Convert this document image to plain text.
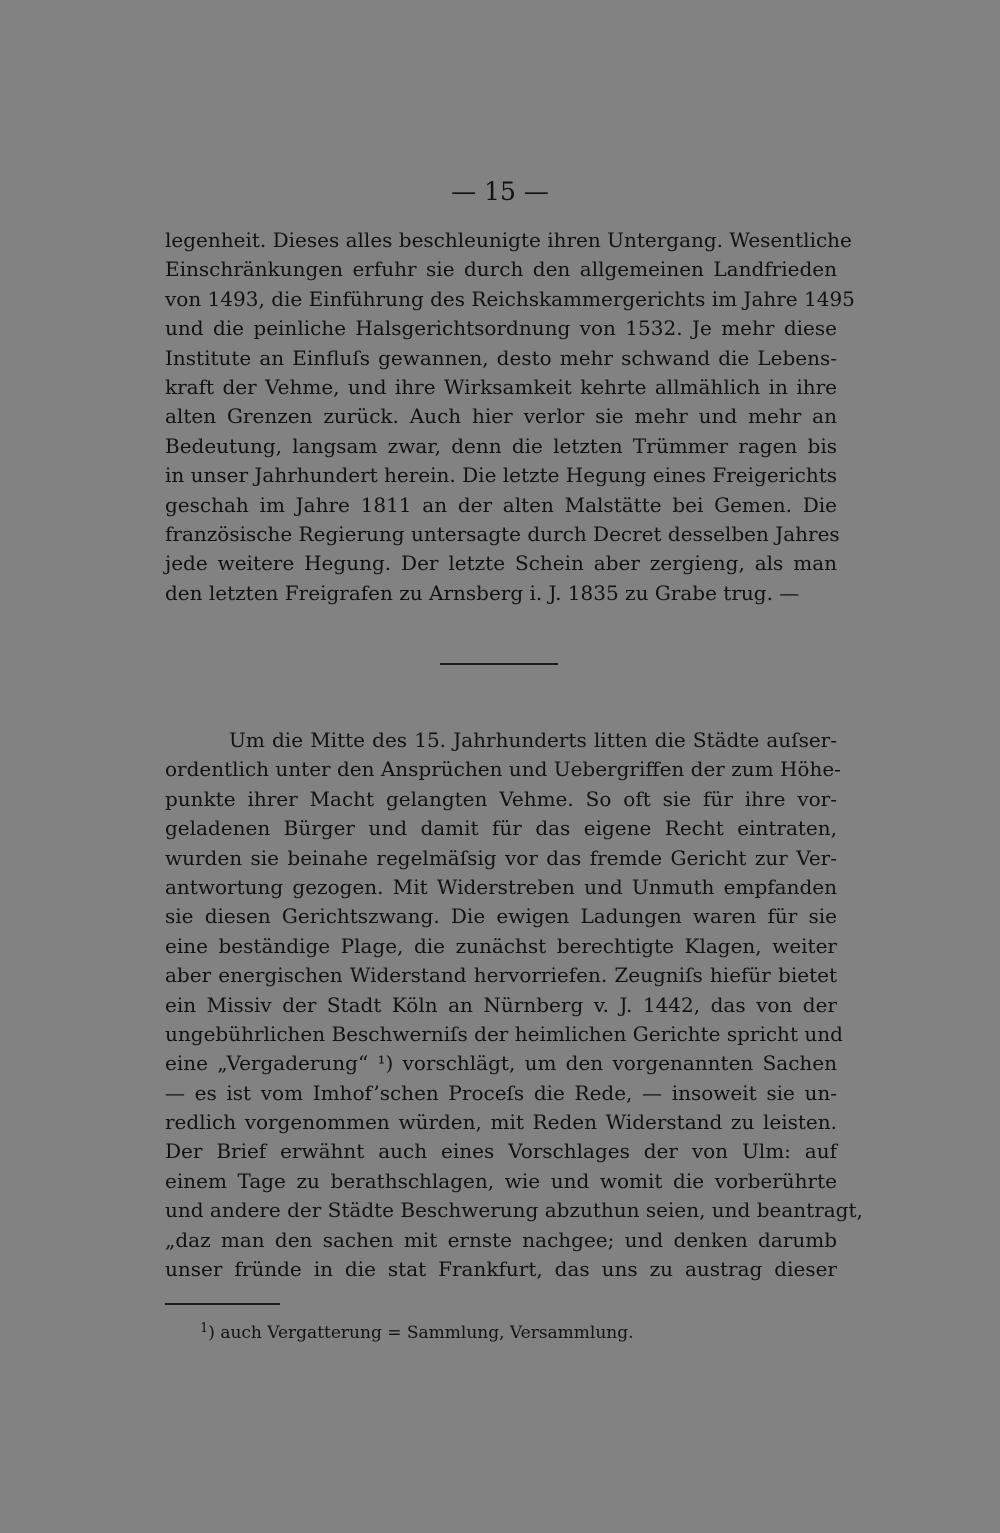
— 15 —
legenheit. Dieses alles beschleunigte ihren Untergang. Wesentliche
Einschränkungen erfuhr sie durch den allgemeinen Landfrieden
von 1493, die Einführung des Reichskammergerichts im Jahre 1495
und die peinliche Halsgerichtsordnung von 1532. Je mehr diese
Institute an Einfluſs gewannen, desto mehr schwand die Lebens-
kraft der Vehme, und ihre Wirksamkeit kehrte allmählich in ihre
alten Grenzen zurück. Auch hier verlor sie mehr und mehr an
Bedeutung, langsam zwar, denn die letzten Trümmer ragen bis
in unser Jahrhundert herein. Die letzte Hegung eines Freigerichts
geschah im Jahre 1811 an der alten Malstätte bei Gemen. Die
französische Regierung untersagte durch Decret desselben Jahres
jede weitere Hegung. Der letzte Schein aber zergieng, als man
den letzten Freigrafen zu Arnsberg i. J. 1835 zu Grabe trug. —
Um die Mitte des 15. Jahrhunderts litten die Städte auſser-
ordentlich unter den Ansprüchen und Uebergriffen der zum Höhe-
punkte ihrer Macht gelangten Vehme. So oft sie für ihre vor-
geladenen Bürger und damit für das eigene Recht eintraten,
wurden sie beinahe regelmäſsig vor das fremde Gericht zur Ver-
antwortung gezogen. Mit Widerstreben und Unmuth empfanden
sie diesen Gerichtszwang. Die ewigen Ladungen waren für sie
eine beständige Plage, die zunächst berechtigte Klagen, weiter
aber energischen Widerstand hervorriefen. Zeugniſs hiefür bietet
ein Missiv der Stadt Köln an Nürnberg v. J. 1442, das von der
ungebührlichen Beschwerniſs der heimlichen Gerichte spricht und
eine „Vergaderung“ ¹) vorschlägt, um den vorgenannten Sachen
— es ist vom Imhof’schen Proceſs die Rede, — insoweit sie un-
redlich vorgenommen würden, mit Reden Widerstand zu leisten.
Der Brief erwähnt auch eines Vorschlages der von Ulm: auf
einem Tage zu berathschlagen, wie und womit die vorberührte
und andere der Städte Beschwerung abzuthun seien, und beantragt,
„daz man den sachen mit ernste nachgee; und denken darumb
unser fründe in die stat Frankfurt, das uns zu austrag dieser
$^1$) auch Vergatterung = Sammlung, Versammlung.
